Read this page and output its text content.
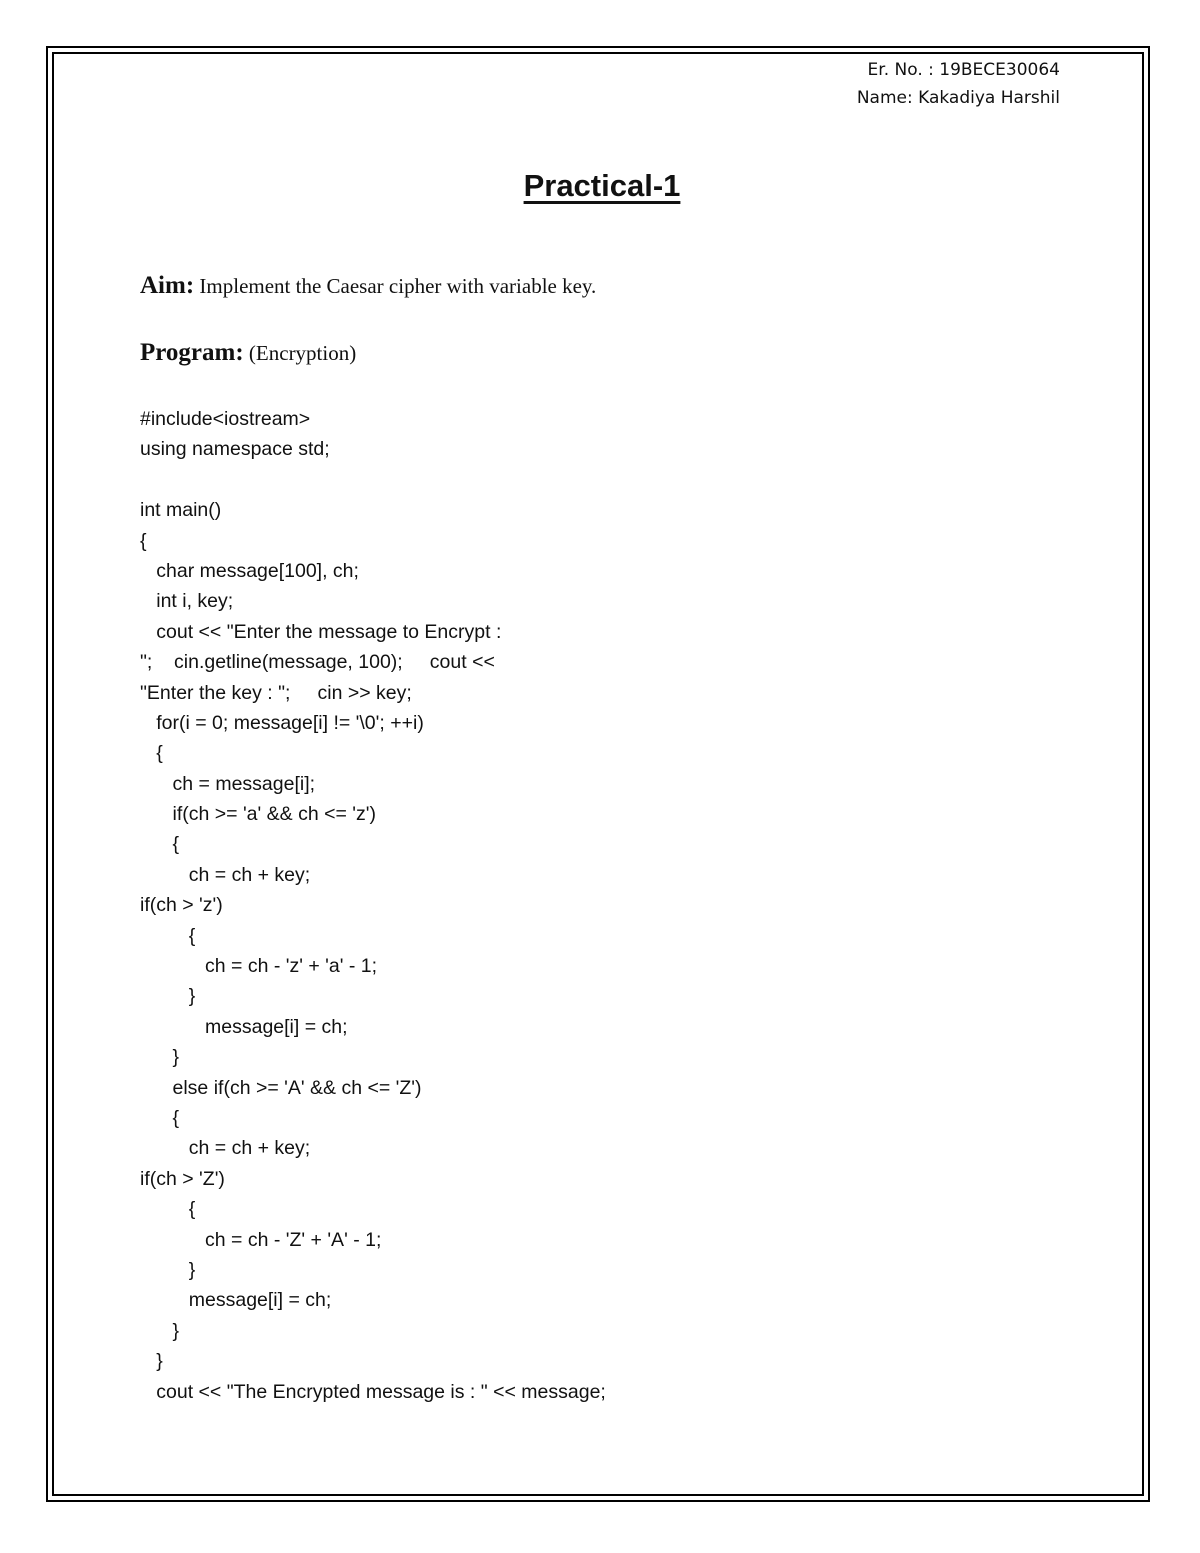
Er. No. : 19BECE30064
Name: Kakadiya Harshil
Practical-1
Aim: Implement the Caesar cipher with variable key.
Program: (Encryption)
#include<iostream>
using namespace std;
int main()
{
char message[100], ch;
int i, key;
cout << "Enter the message to Encrypt :
";    cin.getline(message, 100);     cout <<
"Enter the key : ";     cin >> key;
for(i = 0; message[i] != '\0'; ++i)
{
ch = message[i];
if(ch >= 'a' && ch <= 'z')
{
ch = ch + key;
if(ch > 'z')
{
ch = ch - 'z' + 'a' - 1;
}
message[i] = ch;
}
else if(ch >= 'A' && ch <= 'Z')
{
ch = ch + key;
if(ch > 'Z')
{
ch = ch - 'Z' + 'A' - 1;
}
message[i] = ch;
}
}
cout << "The Encrypted message is : " << message;
